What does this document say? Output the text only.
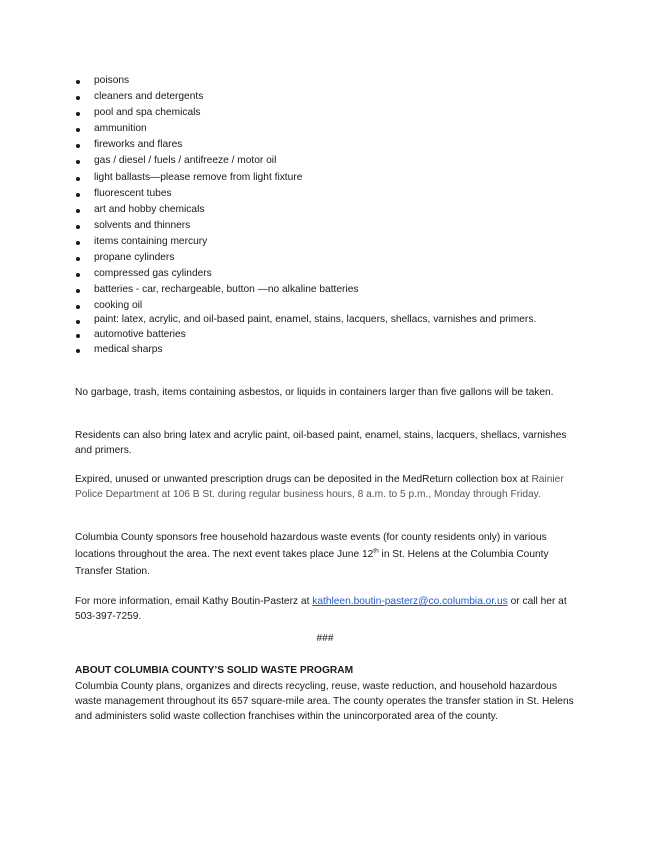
poisons
cleaners and detergents
pool and spa chemicals
ammunition
fireworks and flares
gas / diesel / fuels / antifreeze / motor oil
light ballasts—please remove from light fixture
fluorescent tubes
art and hobby chemicals
solvents and thinners
items containing mercury
propane cylinders
compressed gas cylinders
batteries - car, rechargeable, button —no alkaline batteries
cooking oil
paint: latex, acrylic, and oil-based paint, enamel, stains, lacquers, shellacs, varnishes and primers.
automotive batteries
medical sharps

No garbage, trash, items containing asbestos, or liquids in containers larger than five gallons will be taken.

Residents can also bring latex and acrylic paint, oil-based paint, enamel, stains, lacquers, shellacs, varnishes and primers.

Expired, unused or unwanted prescription drugs can be deposited in the MedReturn collection box at Rainier Police Department at 106 B St. during regular business hours, 8 a.m. to 5 p.m., Monday through Friday.

Columbia County sponsors free household hazardous waste events (for county residents only) in various locations throughout the area. The next event takes place June 12th in St. Helens at the Columbia County Transfer Station.

For more information, email Kathy Boutin-Pasterz at kathleen.boutin-pasterz@co.columbia.or.us or call her at 503-397-7259.

###

ABOUT COLUMBIA COUNTY’S SOLID WASTE PROGRAM

Columbia County plans, organizes and directs recycling, reuse, waste reduction, and household hazardous waste management throughout its 657 square-mile area. The county operates the transfer station in St. Helens and administers solid waste collection franchises within the unincorporated area of the county.
